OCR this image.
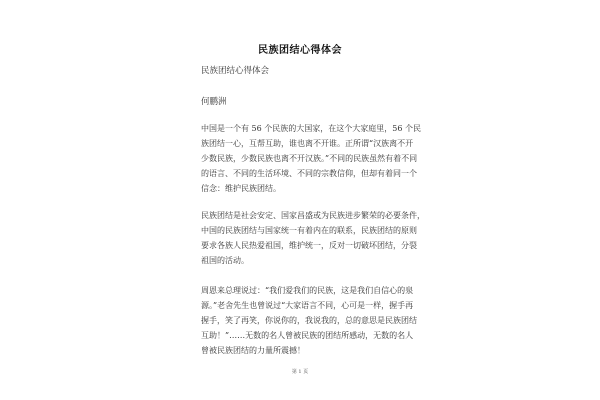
民族团结心得体会
民族团结心得体会
何鹏洲

中国是一个有 56 个民族的大国家，在这个大家庭里，56 个民
族团结一心，互帮互助，谁也离不开谁。正所谓“汉族离不开
少数民族，少数民族也离不开汉族。”不同的民族虽然有着不同
的语言、不同的生活环境、不同的宗教信仰，但却有着同一个
信念：维护民族团结。

民族团结是社会安定、国家昌盛或为民族进步繁荣的必要条件，
中国的民族团结与国家统一有着内在的联系，民族团结的原则
要求各族人民热爱祖国，维护统一，反对一切破坏团结，分裂
祖国的活动。

周恩来总理说过：“我们爱我们的民族，这是我们自信心的泉
源。”老舍先生也曾说过“大家语言不同，心可是一样，握手再
握手，笑了再笑，你说你的，我说我的，总的意思是民族团结
互助！”……无数的名人曾被民族的团结所感动，无数的名人
曾被民族团结的力量所震撼！

第 1 页
